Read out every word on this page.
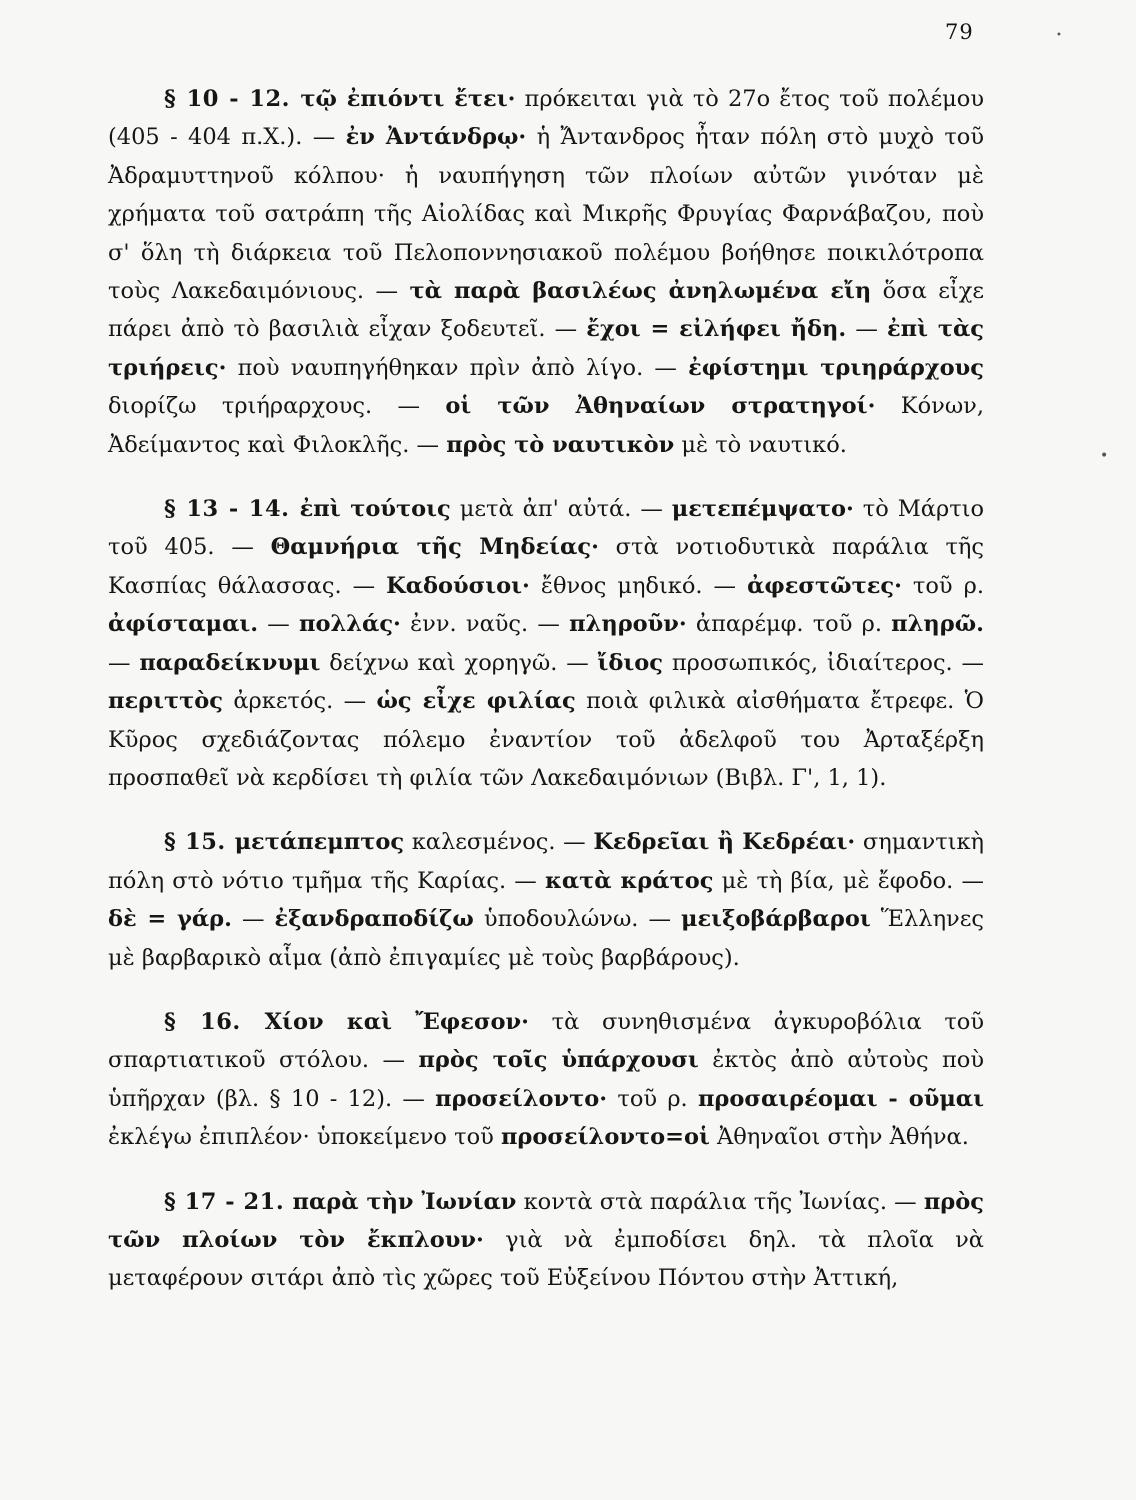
79	•
•

§ 10 - 12. τῷ ἐπιόντι ἔτει· πρόκειται γιὰ τὸ 27ο ἔτος τοῦ πολέμου (405 - 404 π.Χ.). — ἐν Ἀντάνδρῳ· ἡ Ἄντανδρος ἦταν πόλη στὸ μυχὸ τοῦ Ἀδραμυττηνοῦ κόλπου· ἡ ναυπήγηση τῶν πλοίων αὐτῶν γινόταν μὲ χρήματα τοῦ σατράπη τῆς Αἰολίδας καὶ Μικρῆς Φρυγίας Φαρνάβαζου, ποὺ σ' ὅλη τὴ διάρκεια τοῦ Πελοποννησιακοῦ πολέμου βοήθησε ποικιλότροπα τοὺς Λακεδαιμόνιους. — τὰ παρὰ βασιλέως ἀνηλωμένα εἴη ὅσα εἶχε πάρει ἀπὸ τὸ βασιλιὰ εἶχαν ξοδευτεῖ. — ἔχοι = εἰλήφει ἤδη. — ἐπὶ τὰς τριήρεις· ποὺ ναυπηγήθηκαν πρὶν ἀπὸ λίγο. — ἐφίστημι τριηράρχους διορίζω τριήραρχους. — οἱ τῶν Ἀθηναίων στρατηγοί· Κόνων, Ἀδείμαντος καὶ Φιλοκλῆς. — πρὸς τὸ ναυτικὸν μὲ τὸ ναυτικό.

§ 13 - 14. ἐπὶ τούτοις μετὰ ἀπ' αὐτά. — μετεπέμψατο· τὸ Μάρτιο τοῦ 405. — Θαμνήρια τῆς Μηδείας· στὰ νοτιοδυτικὰ παράλια τῆς Κασπίας θάλασσας. — Καδούσιοι· ἔθνος μηδικό. — ἀφεστῶτες· τοῦ ρ. ἀφίσταμαι. — πολλάς· ἐνν. ναῦς. — πληροῦν· ἀπαρέμφ. τοῦ ρ. πληρῶ. — παραδείκνυμι δείχνω καὶ χορηγῶ. — ἴδιος προσωπικός, ἰδιαίτερος. — περιττὸς ἀρκετός. — ὡς εἶχε φιλίας ποιὰ φιλικὰ αἰσθήματα ἔτρεφε. Ὁ Κῦρος σχεδιάζοντας πόλεμο ἐναντίον τοῦ ἀδελφοῦ του Ἀρταξέρξη προσπαθεῖ νὰ κερδίσει τὴ φιλία τῶν Λακεδαιμόνιων (Βιβλ. Γ', 1, 1).

§ 15. μετάπεμπτος καλεσμένος. — Κεδρεῖαι ἢ Κεδρέαι· σημαντικὴ πόλη στὸ νότιο τμῆμα τῆς Καρίας. — κατὰ κράτος μὲ τὴ βία, μὲ ἔφοδο. — δὲ = γάρ. — ἐξανδραποδίζω ὑποδουλώνω. — μειξοβάρβαροι Ἕλληνες μὲ βαρβαρικὸ αἷμα (ἀπὸ ἐπιγαμίες μὲ τοὺς βαρβάρους).

§ 16. Χίον καὶ Ἔφεσον· τὰ συνηθισμένα ἀγκυροβόλια τοῦ σπαρτιατικοῦ στόλου. — πρὸς τοῖς ὑπάρχουσι ἐκτὸς ἀπὸ αὐτοὺς ποὺ ὑπῆρχαν (βλ. § 10 - 12). — προσείλοντο· τοῦ ρ. προσαιρέομαι - οῦμαι ἐκλέγω ἐπιπλέον· ὑποκείμενο τοῦ προσείλοντο=οἱ Ἀθηναῖοι στὴν Ἀθήνα.

§ 17 - 21. παρὰ τὴν Ἰωνίαν κοντὰ στὰ παράλια τῆς Ἰωνίας. — πρὸς τῶν πλοίων τὸν ἔκπλουν· γιὰ νὰ ἐμποδίσει δηλ. τὰ πλοῖα νὰ μεταφέρουν σιτάρι ἀπὸ τὶς χῶρες τοῦ Εὐξείνου Πόντου στὴν Ἀττική,
